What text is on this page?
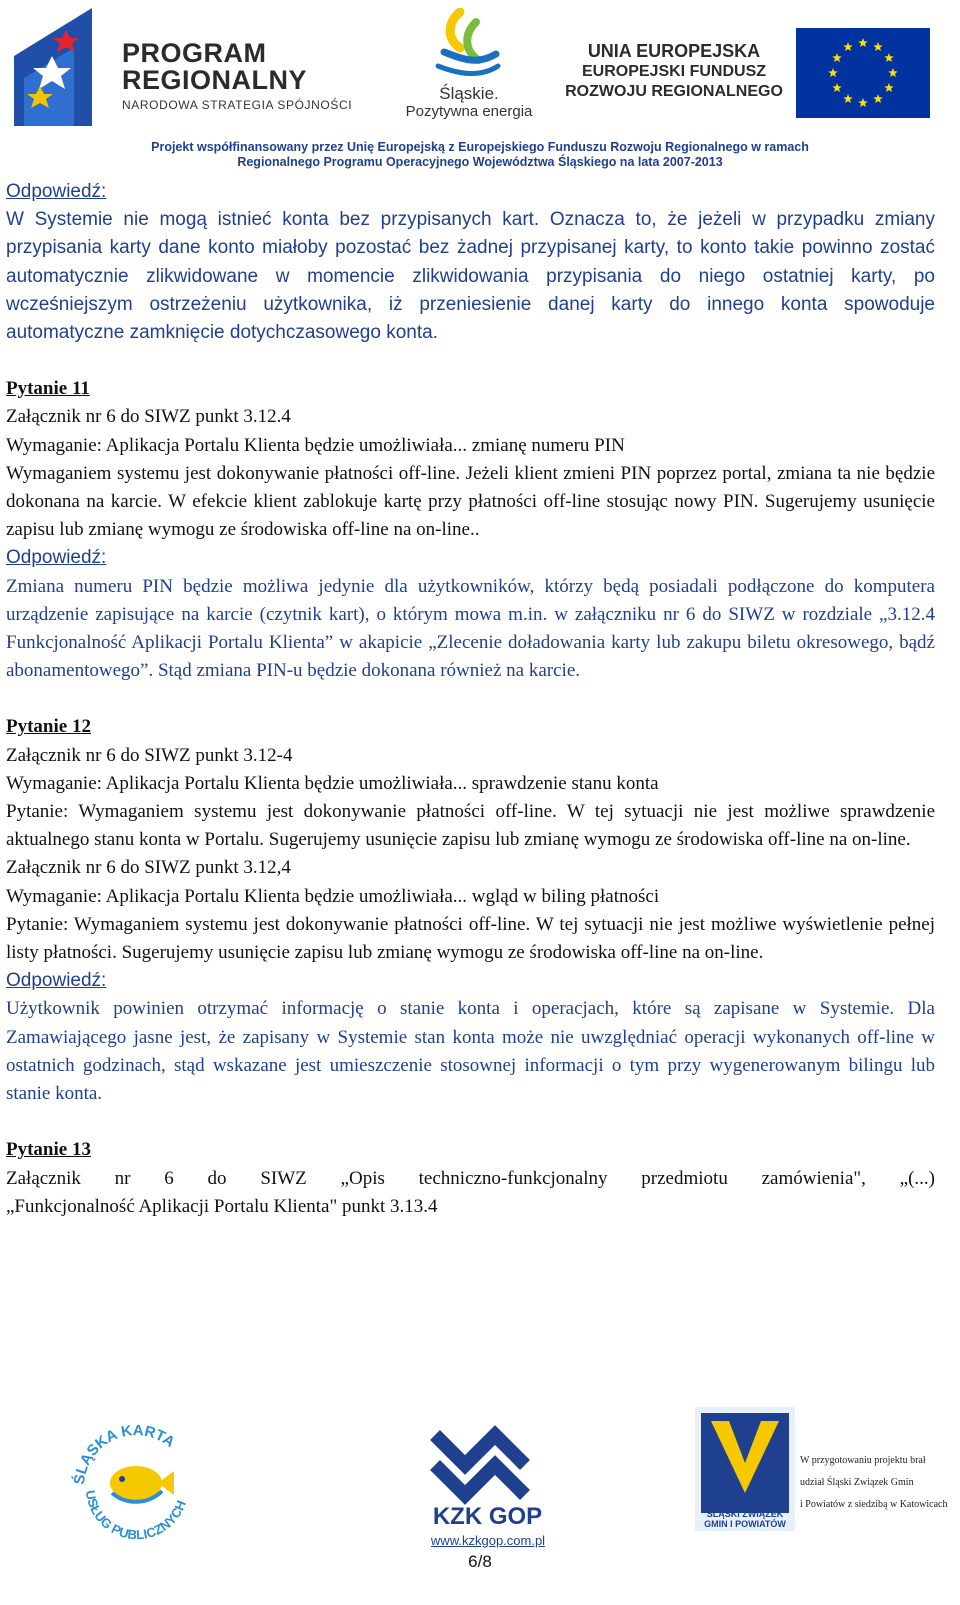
PROGRAM
REGIONALNY
NARODOWA STRATEGIA SPÓJNOŚCI
Śląskie.
Pozytywna energia
UNIA EUROPEJSKA
EUROPEJSKI FUNDUSZ
ROZWOJU REGIONALNEGO
Projekt współfinansowany przez Unię Europejską z Europejskiego Funduszu Rozwoju Regionalnego w ramach
Regionalnego Programu Operacyjnego Województwa Śląskiego na lata 2007-2013

Odpowiedź:

W Systemie nie mogą istnieć konta bez przypisanych kart. Oznacza to, że jeżeli w przypadku zmiany przypisania karty dane konto miałoby pozostać bez żadnej przypisanej karty, to konto takie powinno zostać automatycznie zlikwidowane w momencie zlikwidowania przypisania do niego ostatniej karty, po wcześniejszym ostrzeżeniu użytkownika, iż przeniesienie danej karty do innego konta spowoduje automatyczne zamknięcie dotychczasowego konta.

Pytanie 11

Załącznik nr 6 do SIWZ punkt 3.12.4

Wymaganie: Aplikacja Portalu Klienta będzie umożliwiała... zmianę numeru PIN

Wymaganiem systemu jest dokonywanie płatności off-line. Jeżeli klient zmieni PIN poprzez portal, zmiana ta nie będzie dokonana na karcie. W efekcie klient zablokuje kartę przy płatności off-line stosując nowy PIN. Sugerujemy usunięcie zapisu lub zmianę wymogu ze środowiska off-line na on-line..

Odpowiedź:

Zmiana numeru PIN będzie możliwa jedynie dla użytkowników, którzy będą posiadali podłączone do komputera urządzenie zapisujące na karcie (czytnik kart), o którym mowa m.in. w załączniku nr 6 do SIWZ w rozdziale „3.12.4 Funkcjonalność Aplikacji Portalu Klienta” w akapicie „Zlecenie doładowania karty lub zakupu biletu okresowego, bądź abonamentowego”. Stąd zmiana PIN-u będzie dokonana również na karcie.

Pytanie 12

Załącznik nr 6 do SIWZ punkt 3.12-4

Wymaganie: Aplikacja Portalu Klienta będzie umożliwiała... sprawdzenie stanu konta

Pytanie: Wymaganiem systemu jest dokonywanie płatności off-line. W tej sytuacji nie jest możliwe sprawdzenie aktualnego stanu konta w Portalu. Sugerujemy usunięcie zapisu lub zmianę wymogu ze środowiska off-line na on-line.

Załącznik nr 6 do SIWZ punkt 3.12,4

Wymaganie: Aplikacja Portalu Klienta będzie umożliwiała... wgląd w biling płatności

Pytanie: Wymaganiem systemu jest dokonywanie płatności off-line. W tej sytuacji nie jest możliwe wyświetlenie pełnej listy płatności. Sugerujemy usunięcie zapisu lub zmianę wymogu ze środowiska off-line na on-line.

Odpowiedź:

Użytkownik powinien otrzymać informację o stanie konta i operacjach, które są zapisane w Systemie. Dla Zamawiającego jasne jest, że zapisany w Systemie stan konta może nie uwzględniać operacji wykonanych off-line w ostatnich godzinach, stąd wskazane jest umieszczenie stosownej informacji o tym przy wygenerowanym bilingu lub stanie konta.

Pytanie 13

Załącznik nr 6 do SIWZ „Opis techniczno-funkcjonalny przedmiotu zamówienia", „(...)

„Funkcjonalność Aplikacji Portalu Klienta" punkt 3.13.4

ŚLĄSKA KARTA
USŁUG PUBLICZNYCH	KZK GOP
www.kzkgop.com.pl
6/8
ŚLĄSKI ZWIĄZEK
GMIN I POWIATÓW
W przygotowaniu projektu brał
udział Śląski Związek Gmin
i Powiatów z siedzibą w Katowicach
